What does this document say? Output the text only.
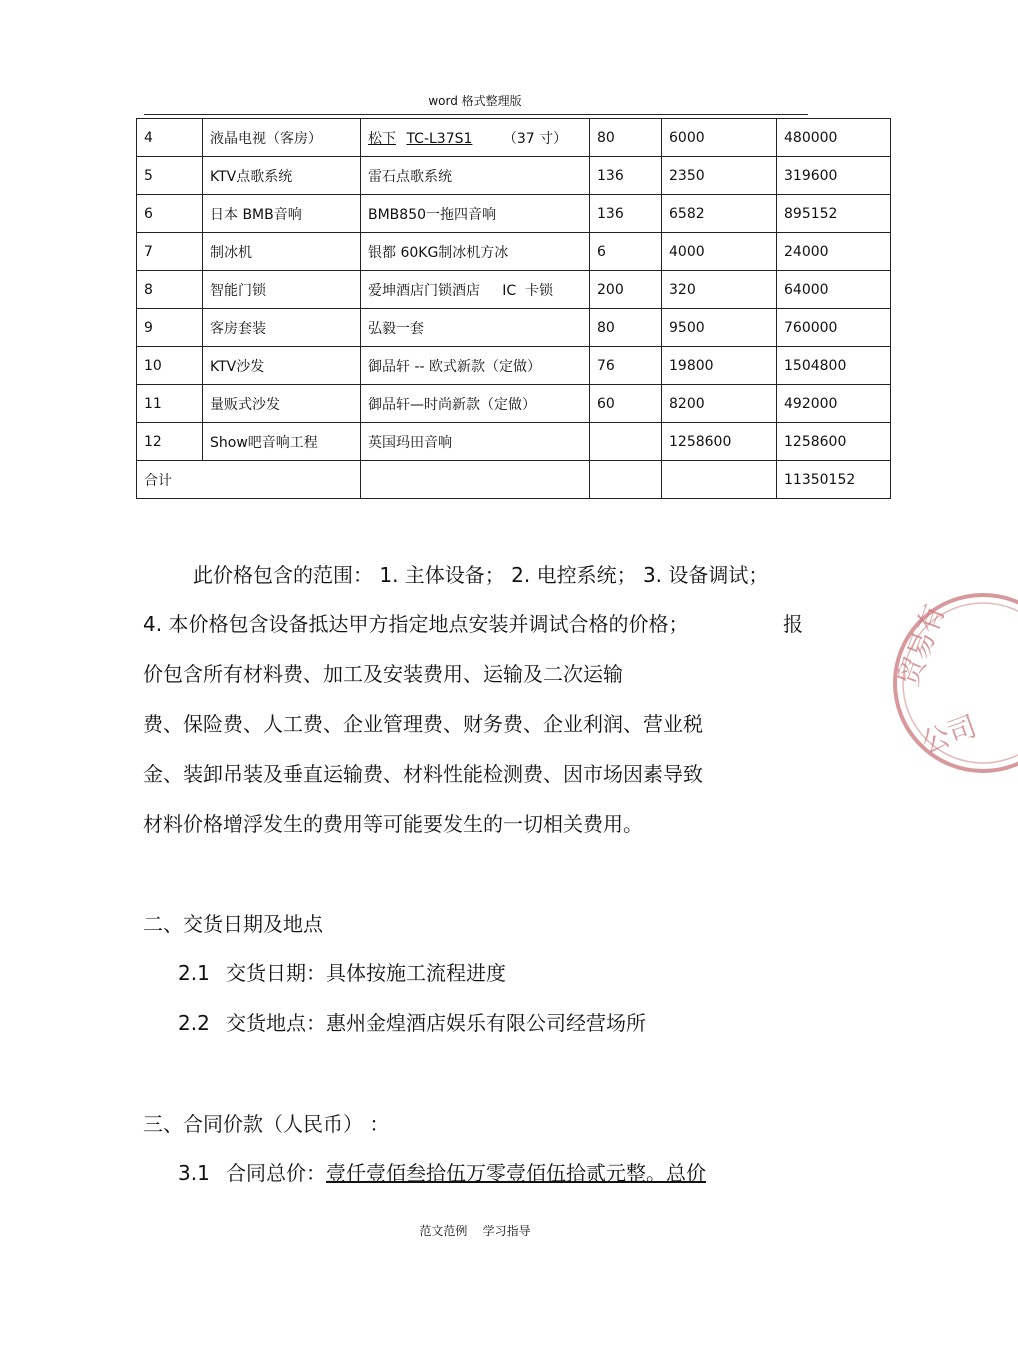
word 格式整理版
4	液晶电视（客房）	松下 TC-L37S1 （37 寸）	80	6000	480000
5	KTV点歌系统	雷石点歌系统	136	2350	319600
6	日本 BMB音响	BMB850一拖四音响	136	6582	895152
7	制冰机	银都 60KG制冰机方冰	6	4000	24000
8	智能门锁	爱坤酒店门锁酒店     IC  卡锁	200	320	64000
9	客房套装	弘毅一套	80	9500	760000
10	KTV沙发	御品轩 -- 欧式新款（定做）	76	19800	1504800
11	量贩式沙发	御品轩—时尚新款（定做）	60	8200	492000
12	Show吧音响工程	英国玛田音响		1258600	1258600
合计					11350152
此价格包含的范围： 1. 主体设备； 2. 电控系统； 3. 设备调试；
4. 本价格包含设备抵达甲方指定地点安装并调试合格的价格；	报
价包含所有材料费、加工及安装费用、运输及二次运输
费、保险费、人工费、企业管理费、财务费、企业利润、营业税
金、装卸吊装及垂直运输费、材料性能检测费、因市场因素导致
材料价格增浮发生的费用等可能要发生的一切相关费用。
二、交货日期及地点
2.1 交货日期：具体按施工流程进度
2.2 交货地点：惠州金煌酒店娱乐有限公司经营场所
三、合同价款（人民币） ：
3.1 合同总价：壹仟壹佰叁拾伍万零壹佰伍拾贰元整。总价
贸易有
公司
范文范例    学习指导
